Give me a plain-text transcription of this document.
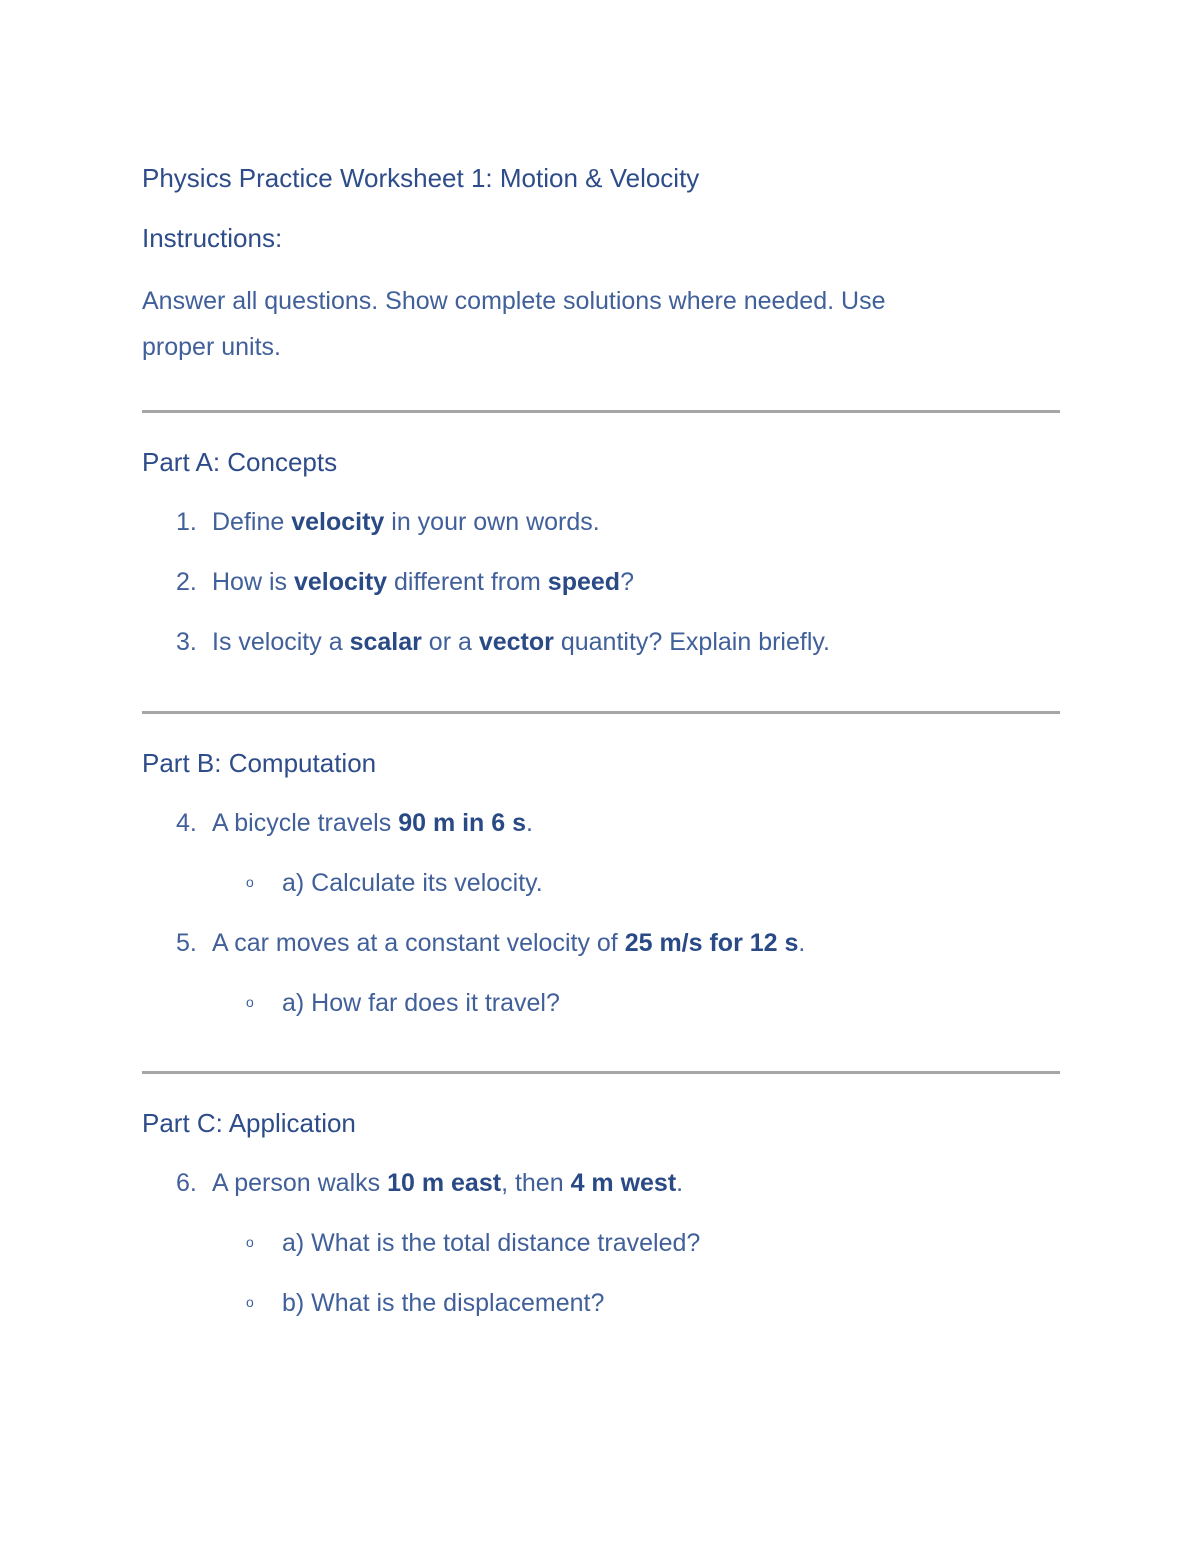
Physics Practice Worksheet 1: Motion & Velocity
Instructions:
Answer all questions. Show complete solutions where needed. Use
proper units.
Part A: Concepts
1. Define velocity in your own words.
2. How is velocity different from speed?
3. Is velocity a scalar or a vector quantity? Explain briefly.
Part B: Computation
4. A bicycle travels 90 m in 6 s.
o a) Calculate its velocity.
5. A car moves at a constant velocity of 25 m/s for 12 s.
o a) How far does it travel?
Part C: Application
6. A person walks 10 m east, then 4 m west.
o a) What is the total distance traveled?
o b) What is the displacement?
